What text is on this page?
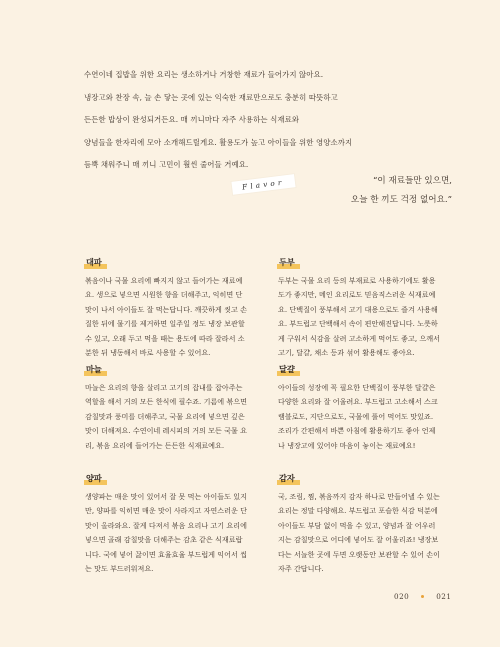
수연이네 집밥을 위한 요리는 생소하거나 거창한 재료가 들어가지 않아요.

냉장고와 찬장 속, 늘 손 닿는 곳에 있는 익숙한 재료만으로도 충분히 따뜻하고

든든한 밥상이 완성되거든요. 매 끼니마다 자주 사용하는 식재료와

양념들을 한자리에 모아 소개해드릴게요. 활용도가 높고 아이들을 위한 영양소까지

듬뿍 채워주니 매 끼니 고민이 훨씬 줄어들 거예요.

Flavor	“이 재료들만 있으면,
오늘 한 끼도 걱정 없어요.”
대파
볶음이나 국물 요리에 빠지지 않고 들어가는 재료예
요. 생으로 넣으면 시원한 향을 더해주고, 익히면 단
맛이 나서 아이들도 잘 먹는답니다. 깨끗하게 씻고 손
질한 뒤에 물기를 제거하면 일주일 정도 냉장 보관할
수 있고, 오래 두고 먹을 때는 용도에 따라 잘라서 소
분한 뒤 냉동해서 바로 사용할 수 있어요.
마늘
마늘은 요리의 향을 살리고 고기의 잡내를 잡아주는
역할을 해서 거의 모든 한식에 필수죠. 기름에 볶으면
감칠맛과 풍미를 더해주고, 국물 요리에 넣으면 깊은
맛이 더해져요. 수연이네 레시피의 거의 모든 국물 요
리, 볶음 요리에 들어가는 든든한 식재료예요.
양파
생양파는 매운 맛이 있어서 잘 못 먹는 아이들도 있지
만, 양파를 익히면 매운 맛이 사라지고 자연스러운 단
맛이 올라와요. 잘게 다져서 볶음 요리나 고기 요리에
넣으면 골래 감칠맛을 더해주는 감초 같은 식재료랍
니다. 국에 넣어 끓이면 효율효율 부드럽게 익어서 씹
는 맛도 부드러워져요.
두부
두부는 국물 요리 등의 부재료로 사용하기에도 활용
도가 좋지만, 메인 요리로도 믿음직스러운 식재료예
요. 단백질이 풍부해서 고기 대용으로도 즐겨 사용해
요. 부드럽고 단백해서 속이 편안해진답니다. 노릇하
게 구워서 식감을 살려 고소하게 먹어도 좋고, 으깨서
고기, 달걀, 채소 등과 섞어 활용해도 좋아요.
달걀
아이들의 성장에 꼭 필요한 단백질이 풍부한 달걀은
다양한 요리와 잘 어울려요. 부드럽고 고소해서 스크
램블로도, 지단으로도, 국물에 풀어 먹어도 맛있죠.
조리가 간편해서 바쁜 아침에 활용하기도 좋아 언제
나 냉장고에 있어야 마음이 놓이는 재료예요!
감자
국, 조림, 찜, 볶음까지 감자 하나로 만들어낼 수 있는
요리는 정말 다양해요. 부드럽고 포슬한 식감 덕분에
아이들도 부담 없이 먹을 수 있고, 양념과 잘 어우러
지는 감칠맛으로 어디에 넣어도 잘 어울리죠! 냉장보
다는 서늘한 곳에 두면 오랫동안 보관할 수 있어 손이
자주 간답니다.
020	021
